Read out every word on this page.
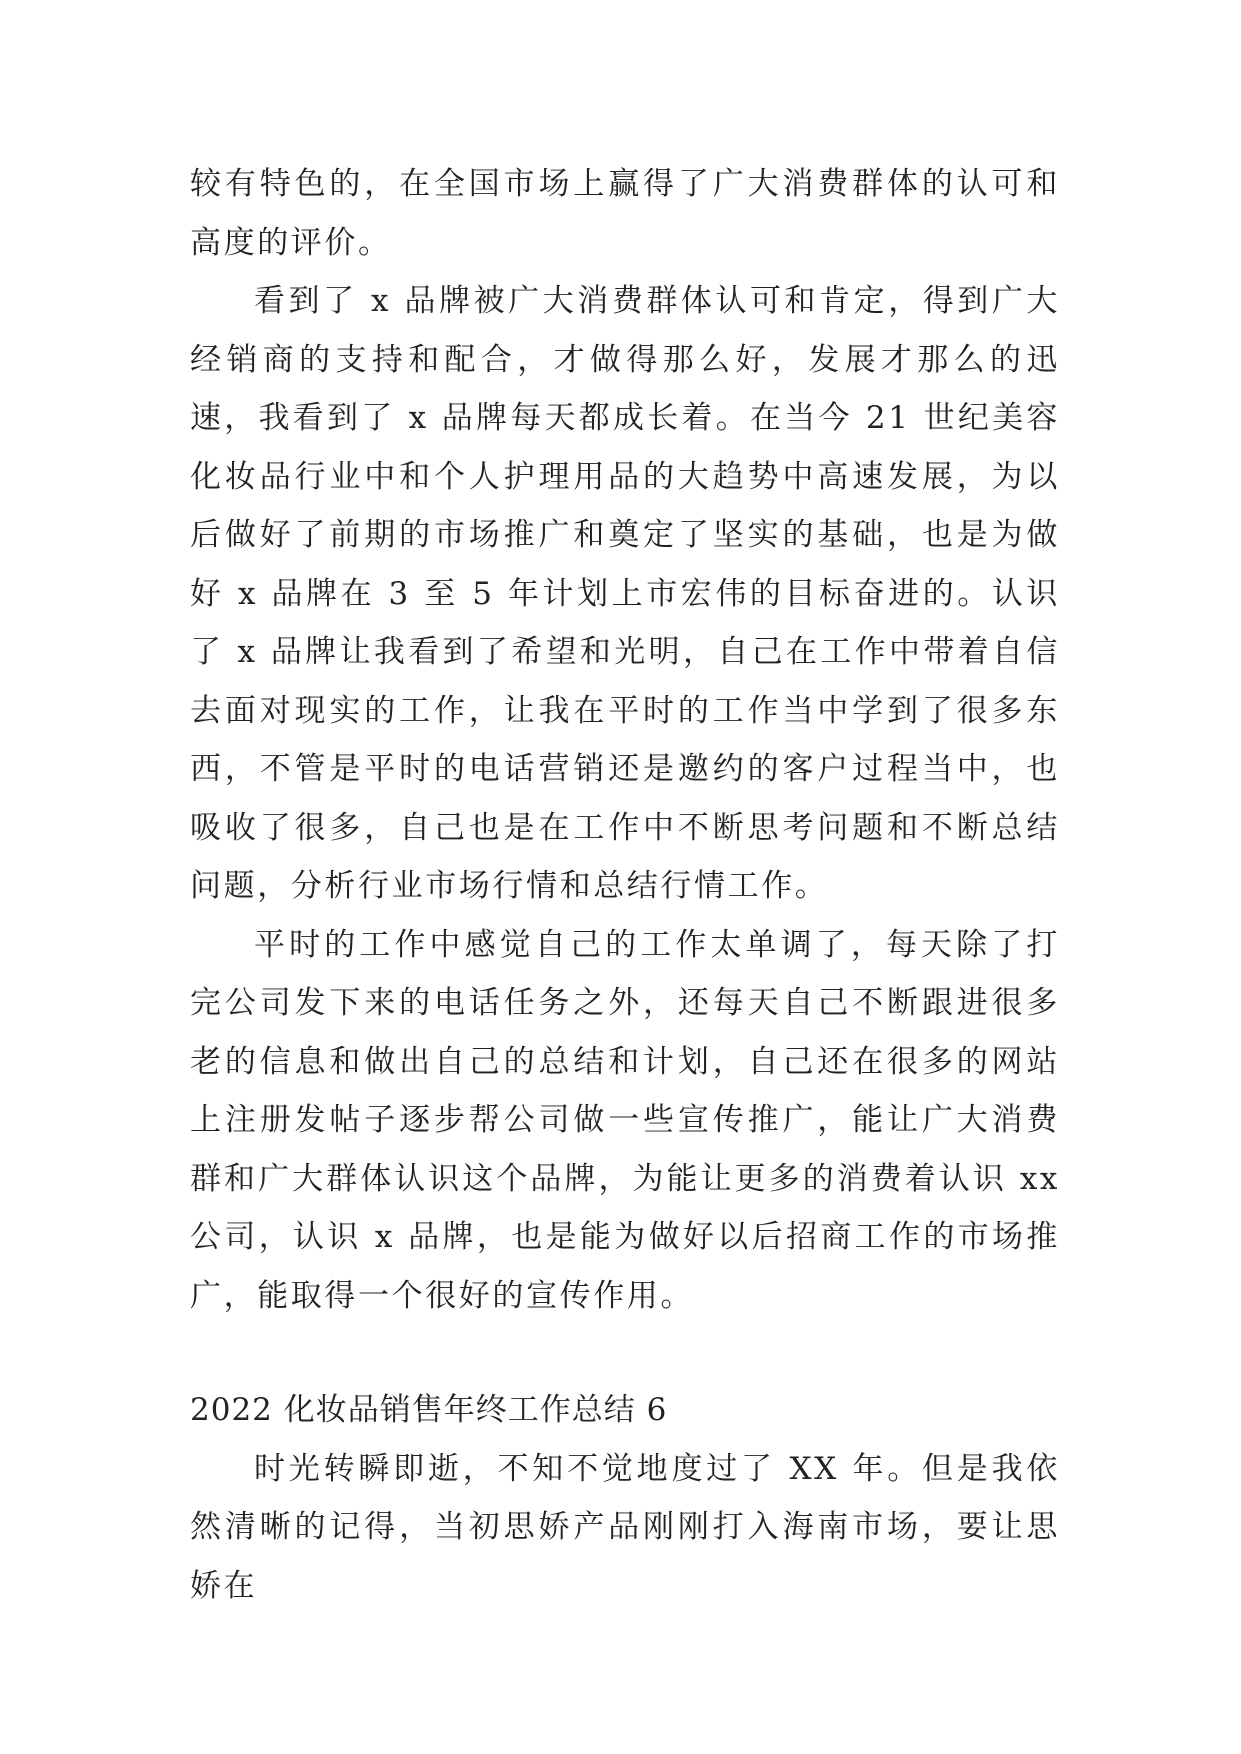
较有特色的，在全国市场上赢得了广大消费群体的认可和高度的评价。

看到了 x 品牌被广大消费群体认可和肯定，得到广大经销商的支持和配合，才做得那么好，发展才那么的迅速，我看到了 x 品牌每天都成长着。在当今 21 世纪美容化妆品行业中和个人护理用品的大趋势中高速发展，为以后做好了前期的市场推广和奠定了坚实的基础，也是为做好 x 品牌在 3 至 5 年计划上市宏伟的目标奋进的。认识了 x 品牌让我看到了希望和光明，自己在工作中带着自信去面对现实的工作，让我在平时的工作当中学到了很多东西，不管是平时的电话营销还是邀约的客户过程当中，也吸收了很多，自己也是在工作中不断思考问题和不断总结问题，分析行业市场行情和总结行情工作。

平时的工作中感觉自己的工作太单调了，每天除了打完公司发下来的电话任务之外，还每天自己不断跟进很多老的信息和做出自己的总结和计划，自己还在很多的网站上注册发帖子逐步帮公司做一些宣传推广，能让广大消费群和广大群体认识这个品牌，为能让更多的消费着认识 xx 公司，认识 x 品牌，也是能为做好以后招商工作的市场推广，能取得一个很好的宣传作用。

2022 化妆品销售年终工作总结 6

时光转瞬即逝，不知不觉地度过了 XX 年。但是我依然清晰的记得，当初思娇产品刚刚打入海南市场，要让思娇在
